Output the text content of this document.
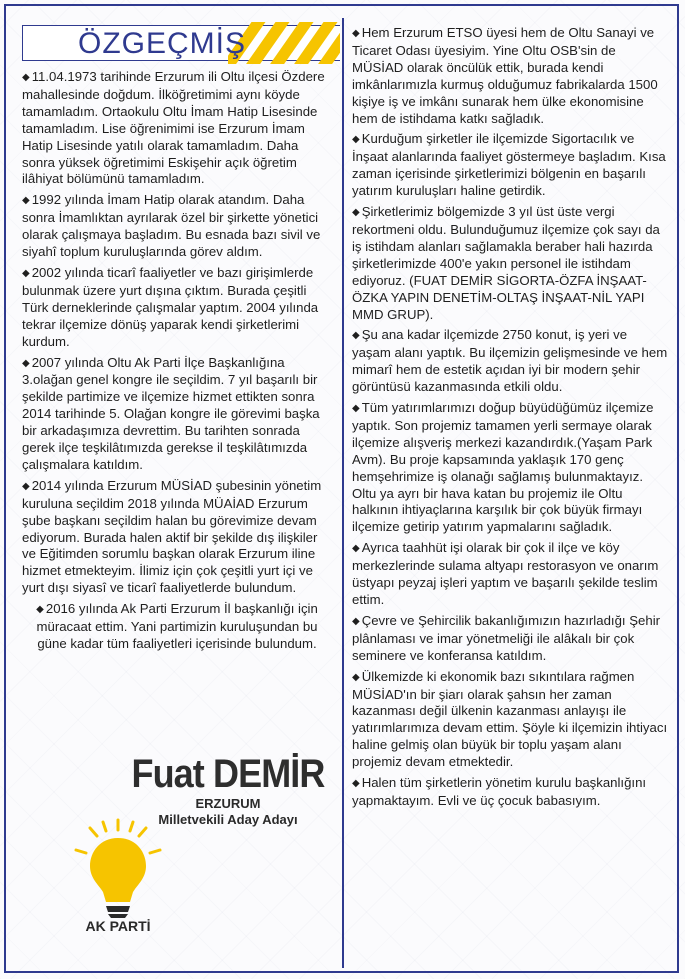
ÖZGEÇMİŞ

◆ 11.04.1973 tarihinde Erzurum ili Oltu ilçesi Özdere mahallesinde doğdum. İlköğretimimi aynı köyde tamamladım. Ortaokulu Oltu İmam Hatip Lisesinde tamamladım. Lise öğrenimimi ise Erzurum İmam Hatip Lisesinde yatılı olarak tamamladım. Daha sonra yüksek öğretimimi Eskişehir açık öğretim ilâhiyat bölümünü tamamladım.

◆ 1992 yılında İmam Hatip olarak atandım. Daha sonra İmamlıktan ayrılarak özel bir şirkette yönetici olarak çalışmaya başladım. Bu esnada bazı sivil ve siyahî toplum kuruluşlarında görev aldım.

◆ 2002 yılında ticarî faaliyetler ve bazı girişimlerde bulunmak üzere yurt dışına çıktım. Burada çeşitli Türk derneklerinde çalışmalar yaptım. 2004 yılında tekrar ilçemize dönüş yaparak kendi şirketlerimi kurdum.

◆ 2007 yılında Oltu Ak Parti İlçe Başkanlığına 3.olağan genel kongre ile seçildim. 7 yıl başarılı bir şekilde partimize ve ilçemize hizmet ettikten sonra 2014 tarihinde 5. Olağan kongre ile görevimi başka bir arkadaşımıza devrettim. Bu tarihten sonrada gerek ilçe teşkilâtımızda gerekse il teşkilâtımızda çalışmalara katıldım.

◆ 2014 yılında Erzurum MÜSİAD şubesinin yönetim kuruluna seçildim 2018 yılında MÜAİAD Erzurum şube başkanı seçildim halan bu görevimize devam ediyorum. Burada halen aktif bir şekilde dış ilişkiler ve Eğitimden sorumlu başkan olarak Erzurum iline hizmet etmekteyim. İlimiz için çok çeşitli yurt içi ve yurt dışı siyasî ve ticarî faaliyetlerde bulundum.

◆ 2016 yılında Ak Parti Erzurum İl başkanlığı için müracaat ettim. Yani partimizin kuruluşundan bu güne kadar tüm faaliyetleri içerisinde bulundum.

◆ Hem Erzurum ETSO üyesi hem de Oltu Sanayi ve Ticaret Odası üyesiyim. Yine Oltu OSB'sin de MÜSİAD olarak öncülük ettik, burada kendi imkânlarımızla kurmuş olduğumuz fabrikalarda 1500 kişiye iş ve imkânı sunarak hem ülke ekonomisine hem de istihdama katkı sağladık.

◆ Kurduğum şirketler ile ilçemizde Sigortacılık ve İnşaat alanlarında faaliyet göstermeye başladım. Kısa zaman içerisinde şirketlerimizi bölgenin en başarılı yatırım kuruluşları haline getirdik.

◆ Şirketlerimiz bölgemizde 3 yıl üst üste vergi rekortmeni oldu. Bulunduğumuz ilçemize çok sayı da iş istihdam alanları sağlamakla beraber hali hazırda şirketlerimizde 400'e yakın personel ile istihdam ediyoruz. (FUAT DEMİR SİGORTA-ÖZFA İNŞAAT-ÖZKA YAPIN DENETİM-OLTAŞ İNŞAAT-NİL YAPI MMD GRUP).

◆ Şu ana kadar ilçemizde 2750 konut, iş yeri ve yaşam alanı yaptık. Bu ilçemizin gelişmesinde ve hem mimarî hem de estetik açıdan iyi bir modern şehir görüntüsü kazanmasında etkili oldu.

◆ Tüm yatırımlarımızı doğup büyüdüğümüz ilçemize yaptık. Son projemiz tamamen yerli sermaye olarak ilçemize alışveriş merkezi kazandırdık.(Yaşam Park Avm). Bu proje kapsamında yaklaşık 170 genç hemşehrimize iş olanağı sağlamış bulunmaktayız. Oltu ya ayrı bir hava katan bu projemiz ile Oltu halkının ihtiyaçlarına karşılık bir çok büyük firmayı ilçemize getirip yatırım yapmalarını sağladık.

◆ Ayrıca taahhüt işi olarak bir çok il ilçe ve köy merkezlerinde sulama altyapı restorasyon ve onarım üstyapı peyzaj işleri yaptım ve başarılı şekilde teslim ettim.

◆ Çevre ve Şehircilik bakanlığımızın hazırladığı Şehir plânlaması ve imar yönetmeliği ile alâkalı bir çok seminere ve konferansa katıldım.

◆ Ülkemizde ki ekonomik bazı sıkıntılara rağmen MÜSİAD'ın bir şiarı olarak şahsın her zaman kazanması değil ülkenin kazanması anlayışı ile yatırımlarımıza devam ettim. Şöyle ki ilçemizin ihtiyacı haline gelmiş olan büyük bir toplu yaşam alanı projemiz devam etmektedir.

◆ Halen tüm şirketlerin yönetim kurulu başkanlığını yapmaktayım. Evli ve üç çocuk babasıyım.

Fuat DEMİR
ERZURUM
Milletvekili Aday Adayı
AK PARTİ
